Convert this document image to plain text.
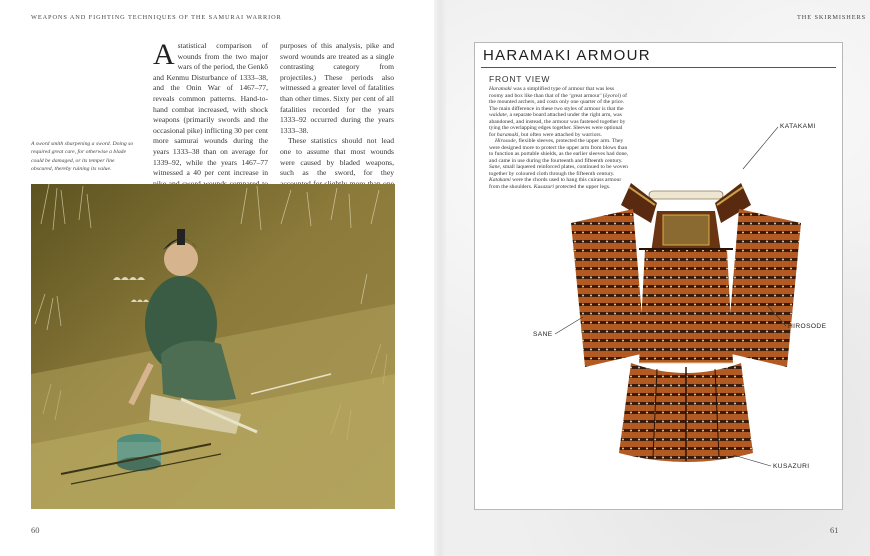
WEAPONS AND FIGHTING TECHNIQUES OF THE SAMURAI WARRIOR
Astatistical comparison of wounds from the two major wars of the period, the Genkō and Kenmu Disturbance of 1333–38, and the Onin War of 1467–77, reveals common patterns. Hand-to-hand combat increased, with shock weapons (primarily swords and the occasional pike) inflicting 30 per cent more samurai wounds during the years 1333–38 than on average for 1339–92, while the years 1467–77 witnessed a 40 per cent increase in

purposes of this analysis, pike and sword wounds are treated as a single contrasting category from projectiles.) These periods also witnessed a greater level of fatalities than other times. Sixty per cent of all fatalities recorded for the years 1333–92 occurred during the years 1333–38.

These statistics should not lead one to assume that most wounds were caused by bladed weapons, such as the sword, for they

A sword smith sharpening a sword. Doing so required great care, for otherwise a blade could be damaged, or its temper line obscured, thereby ruining its value.
60
THE SKIRMISHERS
HARAMAKI ARMOUR
FRONT VIEW

Haramaki was a simplified type of armour that was less roomy and box like than that of the ‘great armour’ (ōyoroi) of the mounted archers, and costs only one quarter of the price. The main difference in these two styles of armour is that the waidate, a separate board attached under the right arm, was abandoned, and instead, the armour was fastened together by tying the overlapping edges together. Sleeves were optional for haramaki, but often were attached by warriors.

Hirosode, flexible sleeves, protected the upper arm. They were designed more to protect the upper arm from blows than to function as portable shields, as the earlier sleeves had done, and came in use during the fourteenth and fifteenth century. Sane, small laquered reinforced plates, continued to be woven together by coloured cloth through the fifteenth century. Katakami were the chords used to hang this cuirass armour from the shoulders. Kusazuri protected the upper legs.

KATAKAMI
HIROSODE
SANE
KUSAZURI
61
